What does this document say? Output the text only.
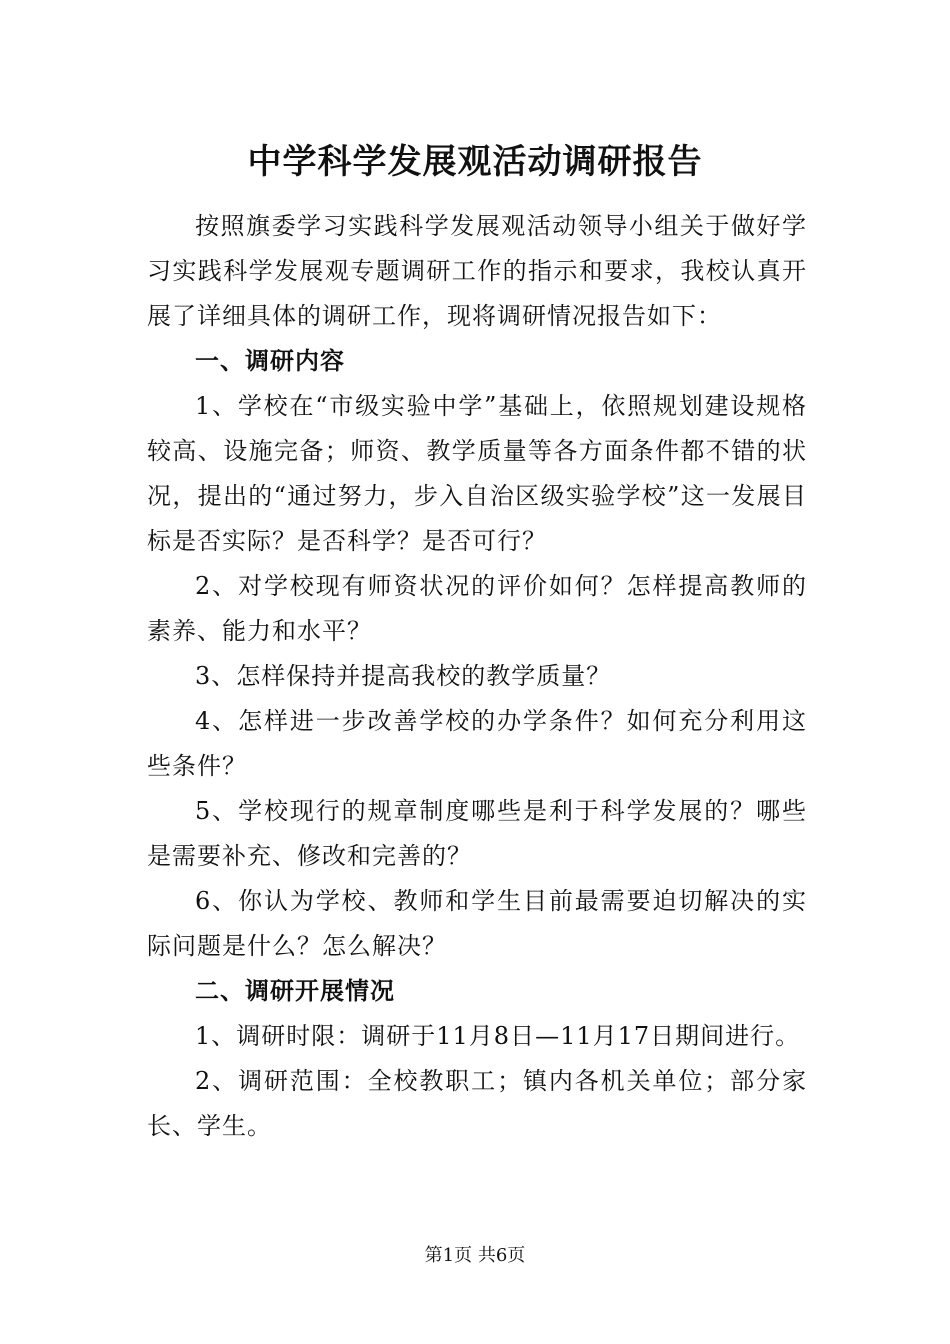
中学科学发展观活动调研报告

按照旗委学习实践科学发展观活动领导小组关于做好学习实践科学发展观专题调研工作的指示和要求，我校认真开展了详细具体的调研工作，现将调研情况报告如下：

一、调研内容

1、学校在“市级实验中学”基础上，依照规划建设规格较高、设施完备；师资、教学质量等各方面条件都不错的状况，提出的“通过努力，步入自治区级实验学校”这一发展目标是否实际？是否科学？是否可行？

2、对学校现有师资状况的评价如何？怎样提高教师的素养、能力和水平？

3、怎样保持并提高我校的教学质量？

4、怎样进一步改善学校的办学条件？如何充分利用这些条件？

5、学校现行的规章制度哪些是利于科学发展的？哪些是需要补充、修改和完善的？

6、你认为学校、教师和学生目前最需要迫切解决的实际问题是什么？怎么解决？

二、调研开展情况

1、调研时限：调研于11月8日—11月17日期间进行。

2、调研范围：全校教职工；镇内各机关单位；部分家长、学生。

第1页 共6页
